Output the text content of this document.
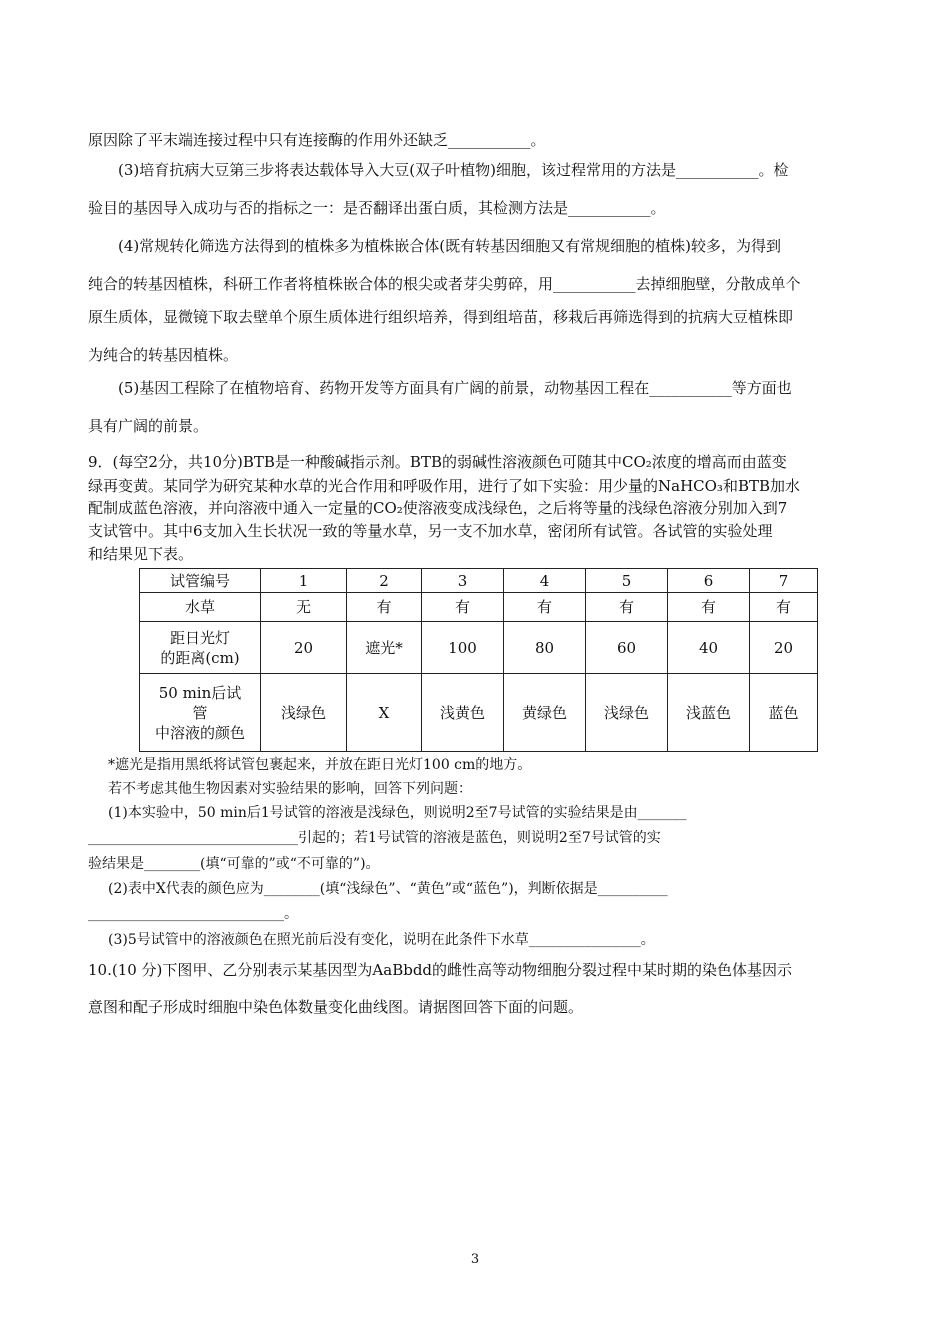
原因除了平末端连接过程中只有连接酶的作用外还缺乏___________。
(3)培育抗病大豆第三步将表达载体导入大豆(双子叶植物)细胞，该过程常用的方法是___________。检
验目的基因导入成功与否的指标之一：是否翻译出蛋白质，其检测方法是___________。
(4)常规转化筛选方法得到的植株多为植株嵌合体(既有转基因细胞又有常规细胞的植株)较多，为得到
纯合的转基因植株，科研工作者将植株嵌合体的根尖或者芽尖剪碎，用___________去掉细胞壁，分散成单个
原生质体，显微镜下取去壁单个原生质体进行组织培养，得到组培苗，移栽后再筛选得到的抗病大豆植株即
为纯合的转基因植株。
(5)基因工程除了在植物培育、药物开发等方面具有广阔的前景，动物基因工程在___________等方面也
具有广阔的前景。
9．(每空2分，共10分)BTB是一种酸碱指示剂。BTB的弱碱性溶液颜色可随其中CO₂浓度的增高而由蓝变
绿再变黄。某同学为研究某种水草的光合作用和呼吸作用，进行了如下实验：用少量的NaHCO₃和BTB加水
配制成蓝色溶液，并向溶液中通入一定量的CO₂使溶液变成浅绿色，之后将等量的浅绿色溶液分别加入到7
支试管中。其中6支加入生长状况一致的等量水草，另一支不加水草，密闭所有试管。各试管的实验处理
和结果见下表。
试管编号	1	2	3	4	5	6	7
水草	无	有	有	有	有	有	有

距日光灯
的距离(cm)	20	遮光*	100	80	60	40	20

50 min后试
管
中溶液的颜色	浅绿色	X	浅黄色	黄绿色	浅绿色	浅蓝色	蓝色
*遮光是指用黑纸将试管包裹起来，并放在距日光灯100 cm的地方。
若不考虑其他生物因素对实验结果的影响，回答下列问题：
(1)本实验中，50 min后1号试管的溶液是浅绿色，则说明2至7号试管的实验结果是由_______
______________________________引起的；若1号试管的溶液是蓝色，则说明2至7号试管的实
验结果是________(填“可靠的”或“不可靠的”)。
(2)表中X代表的颜色应为________(填“浅绿色”、“黄色”或“蓝色”)，判断依据是__________
____________________________。
(3)5号试管中的溶液颜色在照光前后没有变化，说明在此条件下水草________________。
10.(10 分)下图甲、乙分别表示某基因型为AaBbdd的雌性高等动物细胞分裂过程中某时期的染色体基因示
意图和配子形成时细胞中染色体数量变化曲线图。请据图回答下面的问题。
3
